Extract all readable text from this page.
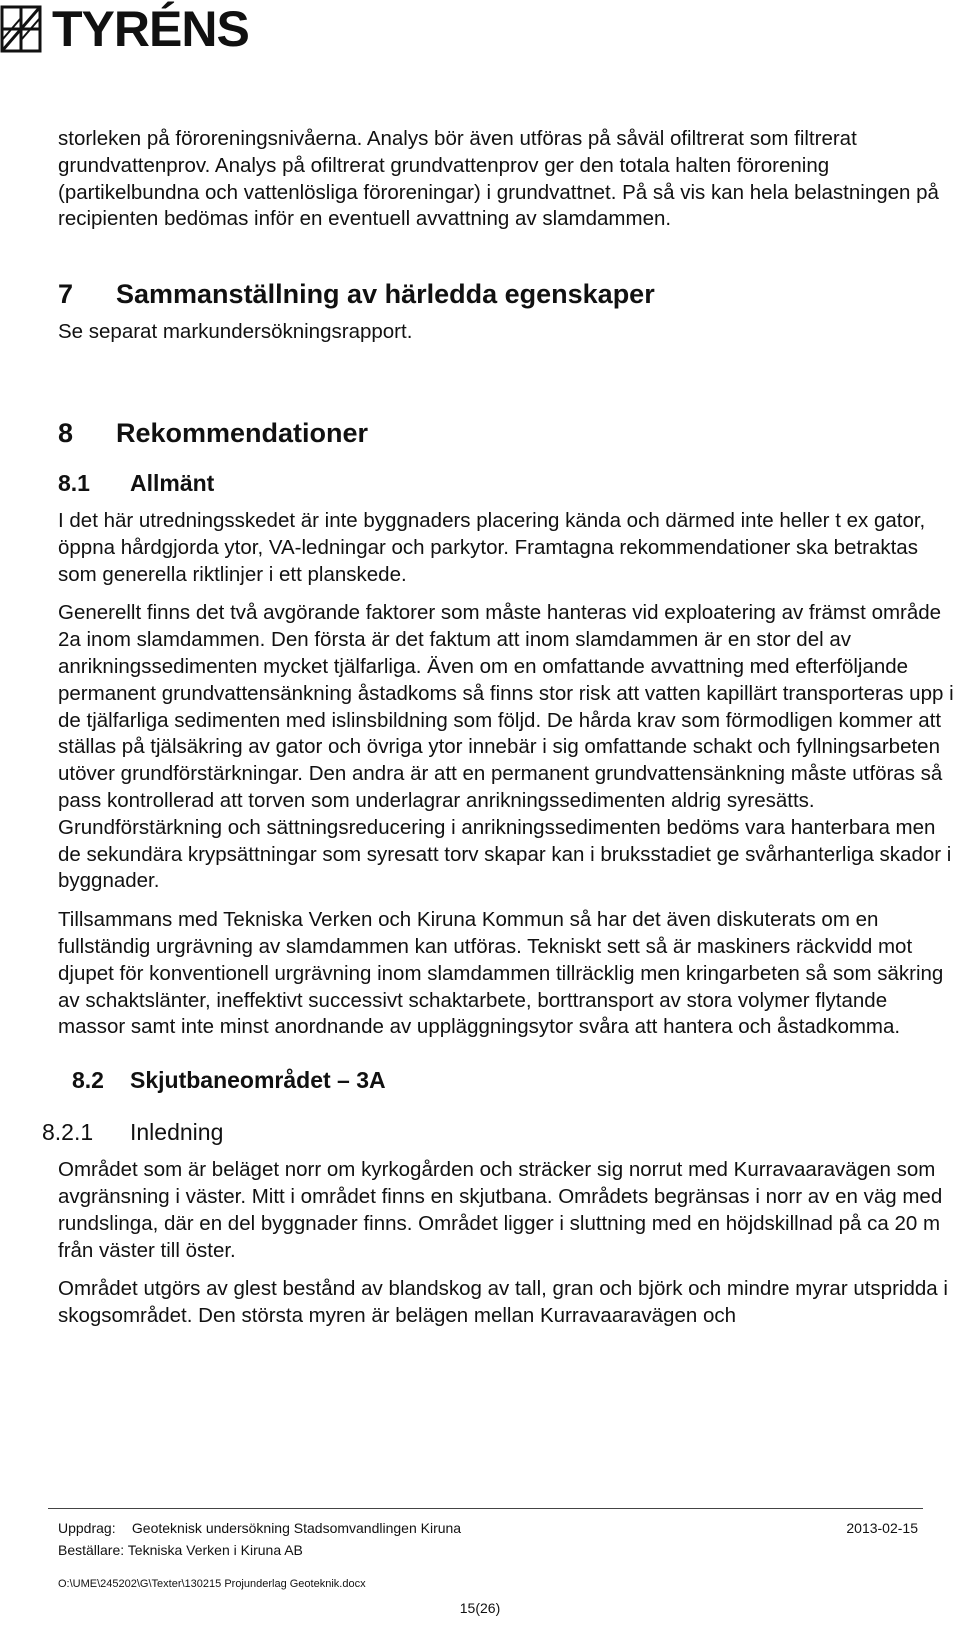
TYRÉNS

storleken på föroreningsnivåerna. Analys bör även utföras på såväl ofiltrerat som filtrerat grundvattenprov. Analys på ofiltrerat grundvattenprov ger den totala halten förorening (partikelbundna och vattenlösliga föroreningar) i grundvattnet. På så vis kan hela belastningen på recipienten bedömas inför en eventuell avvattning av slamdammen.

7	Sammanställning av härledda egenskaper

Se separat markundersökningsrapport.

8	Rekommendationer
8.1	Allmänt

I det här utredningsskedet är inte byggnaders placering kända och därmed inte heller t ex gator, öppna hårdgjorda ytor, VA-ledningar och parkytor. Framtagna rekommendationer ska betraktas som generella riktlinjer i ett planskede.

Generellt finns det två avgörande faktorer som måste hanteras vid exploatering av främst område 2a inom slamdammen. Den första är det faktum att inom slamdammen är en stor del av anrikningssedimenten mycket tjälfarliga. Även om en omfattande avvattning med efterföljande permanent grundvattensänkning åstadkoms så finns stor risk att vatten kapillärt transporteras upp i de tjälfarliga sedimenten med islinsbildning som följd. De hårda krav som förmodligen kommer att ställas på tjälsäkring av gator och övriga ytor innebär i sig omfattande schakt och fyllningsarbeten utöver grundförstärkningar. Den andra är att en permanent grundvattensänkning måste utföras så pass kontrollerad att torven som underlagrar anrikningssedimenten aldrig syresätts. Grundförstärkning och sättningsreducering i anrikningssedimenten bedöms vara hanterbara men de sekundära krypsättningar som syresatt torv skapar kan i bruksstadiet ge svårhanterliga skador i byggnader.

Tillsammans med Tekniska Verken och Kiruna Kommun så har det även diskuterats om en fullständig urgrävning av slamdammen kan utföras. Tekniskt sett så är maskiners räckvidd mot djupet för konventionell urgrävning inom slamdammen tillräcklig men kringarbeten så som säkring av schaktslänter, ineffektivt successivt schaktarbete, borttransport av stora volymer flytande massor samt inte minst anordnande av uppläggningsytor svåra att hantera och åstadkomma.

8.2	Skjutbaneområdet – 3A
8.2.1	Inledning

Området som är beläget norr om kyrkogården och sträcker sig norrut med Kurravaaravägen som avgränsning i väster. Mitt i området finns en skjutbana. Områdets begränsas i norr av en väg med rundslinga, där en del byggnader finns. Området ligger i sluttning med en höjdskillnad på ca 20 m från väster till öster.

Området utgörs av glest bestånd av blandskog av tall, gran och björk och mindre myrar utspridda i skogsområdet. Den största myren är belägen mellan Kurravaaravägen och

Uppdrag: Geoteknisk undersökning Stadsomvandlingen Kiruna	2013-02-15
Beställare: Tekniska Verken i Kiruna AB
O:\UME\245202\G\Texter\130215 Projunderlag Geoteknik.docx
15(26)
